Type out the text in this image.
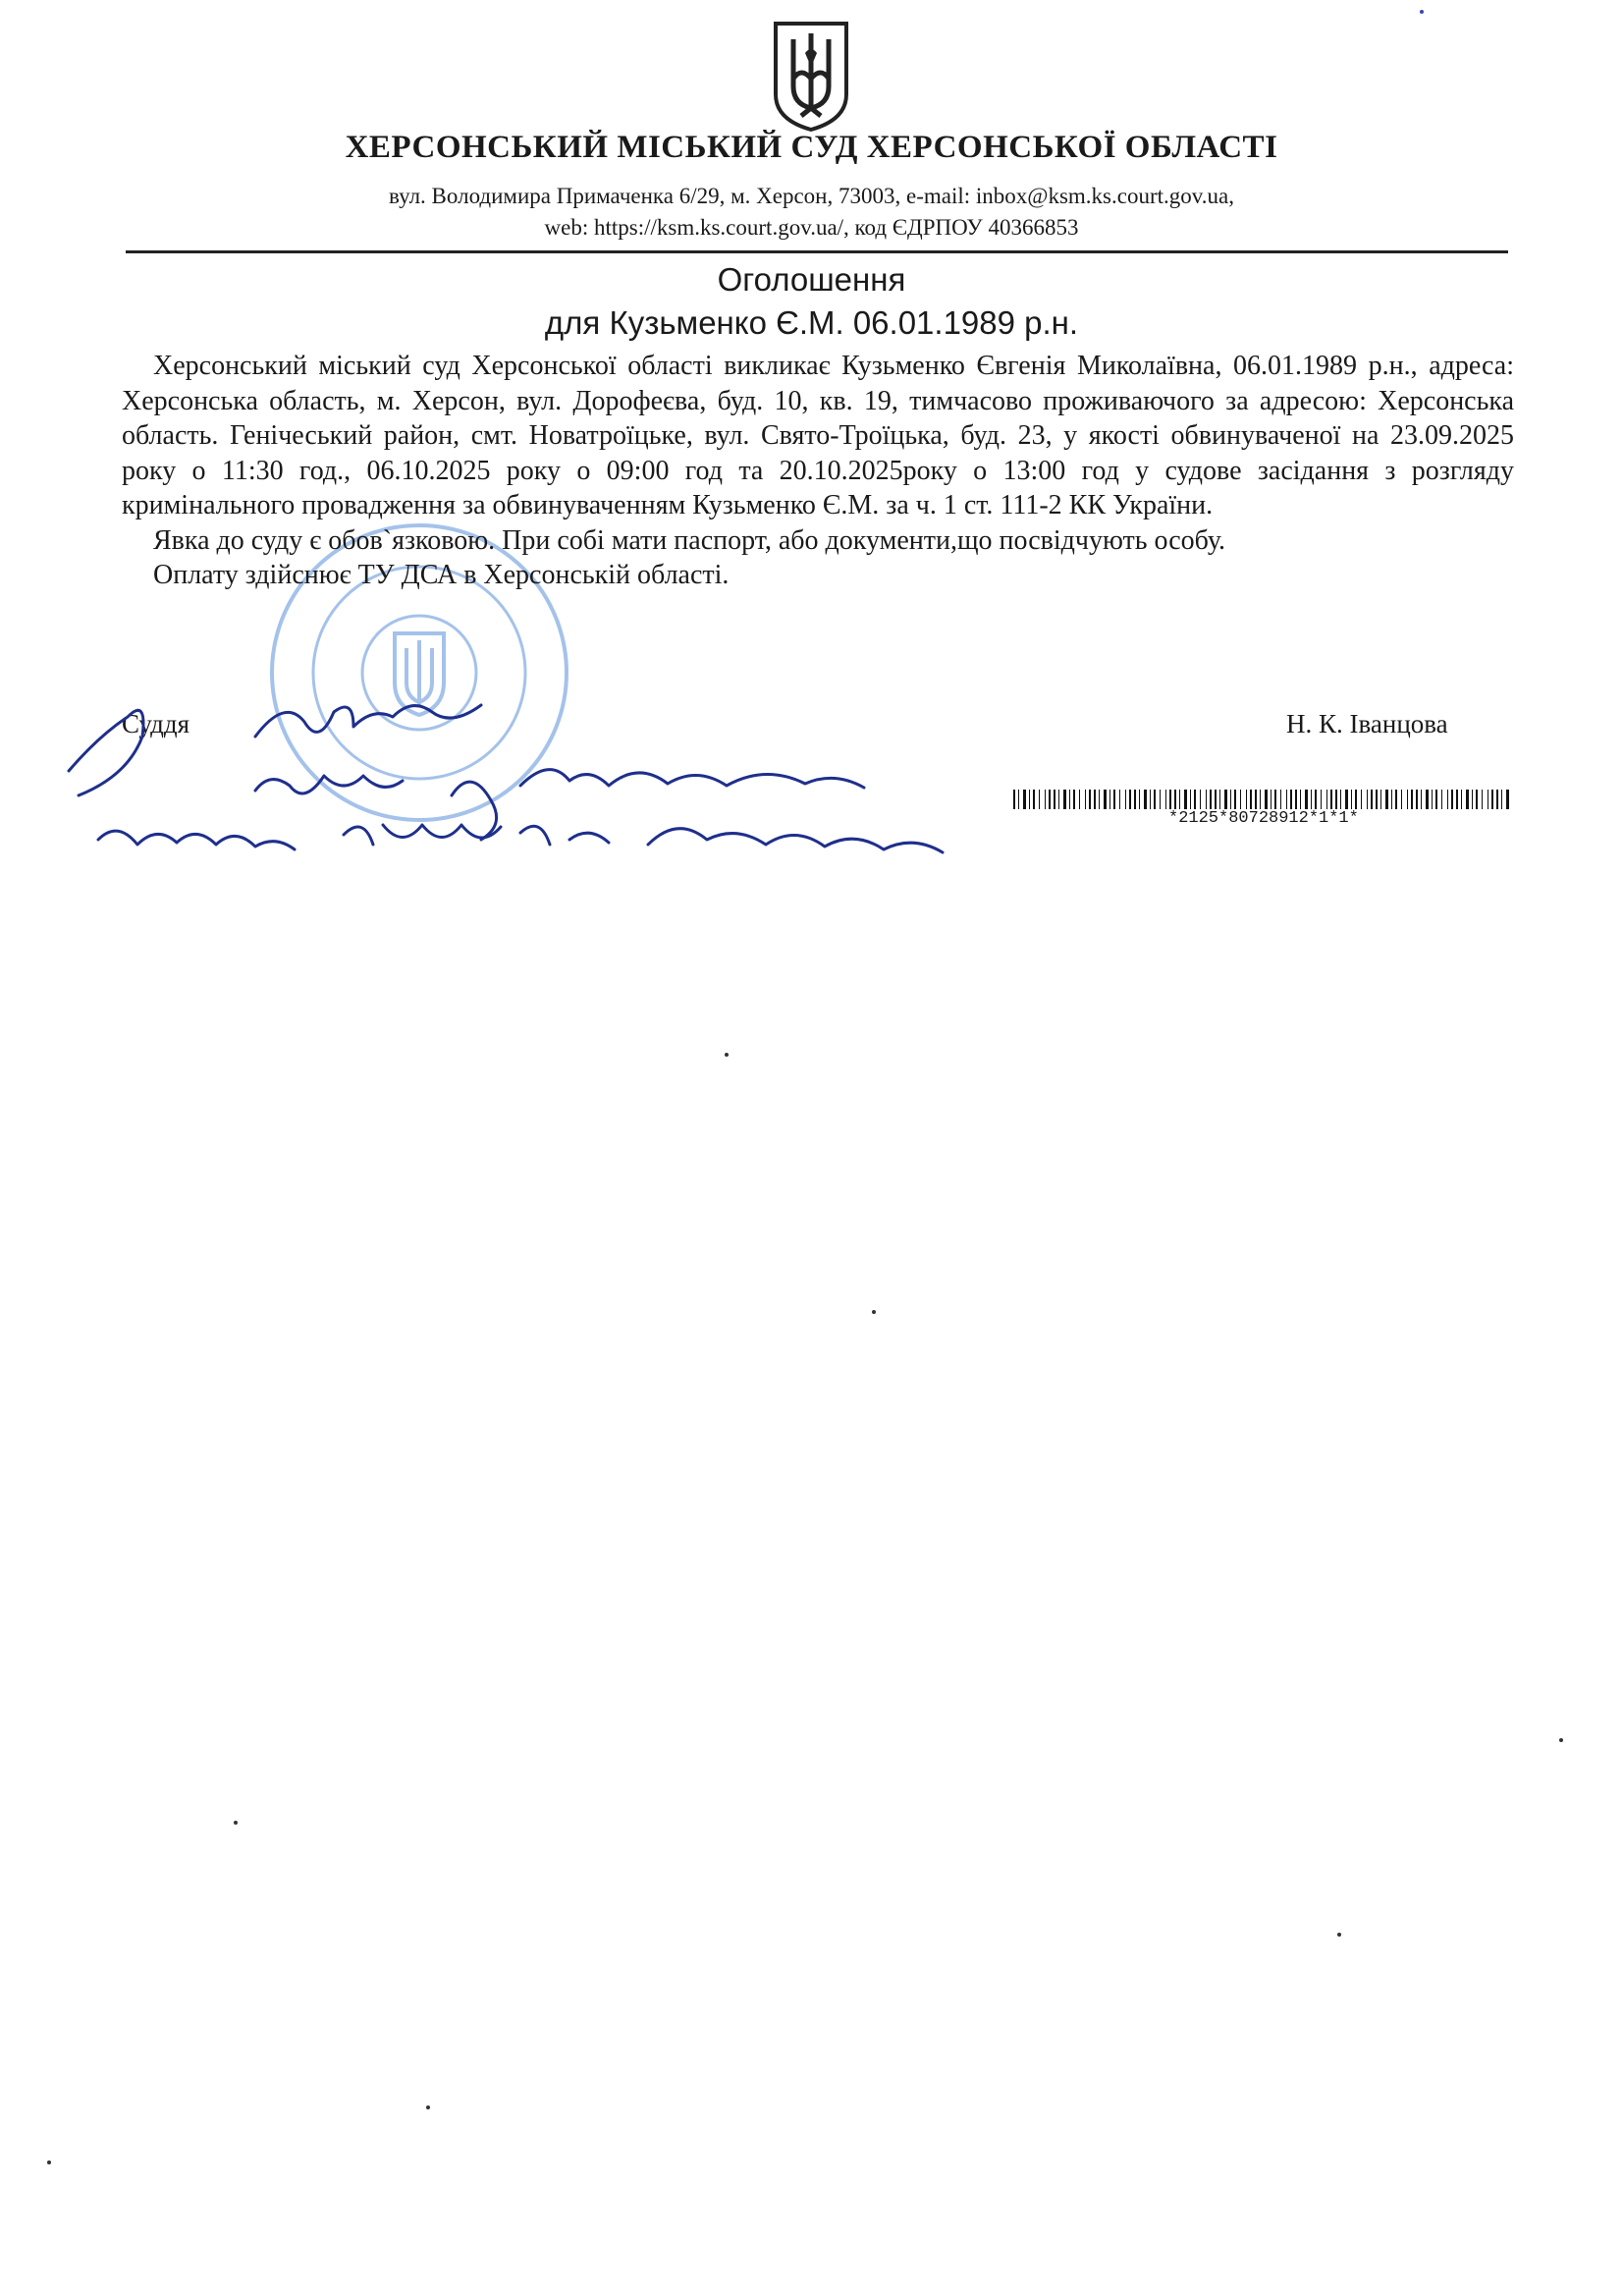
ХЕРСОНСЬКИЙ МІСЬКИЙ СУД ХЕРСОНСЬКОЇ ОБЛАСТІ
вул. Володимира Примаченка 6/29, м. Херсон, 73003, e-mail: inbox@ksm.ks.court.gov.ua,
web: https://ksm.ks.court.gov.ua/, код ЄДРПОУ 40366853
Оголошення
для Кузьменко Є.М. 06.01.1989 р.н.

Херсонський міський суд Херсонської області викликає Кузьменко Євгенія Миколаївна, 06.01.1989 р.н., адреса: Херсонська область, м. Херсон, вул. Дорофеєва, буд. 10, кв. 19, тимчасово проживаючого за адресою: Херсонська область. Генічеський район, смт. Новатроїцьке, вул. Свято-Троїцька, буд. 23, у якості обвинуваченої на 23.09.2025 року о 11:30 год., 06.10.2025 року о 09:00 год та 20.10.2025року о 13:00 год у судове засідання з розгляду кримінального провадження за обвинуваченням Кузьменко Є.М. за ч. 1 ст. 111-2 КК України.

Явка до суду є обов`язковою. При собі мати паспорт, або документи,що посвідчують особу.

Оплату здійснює ТУ ДСА в Херсонській області.

Суддя	Н. К. Іванцова
*2125*80728912*1*1*
